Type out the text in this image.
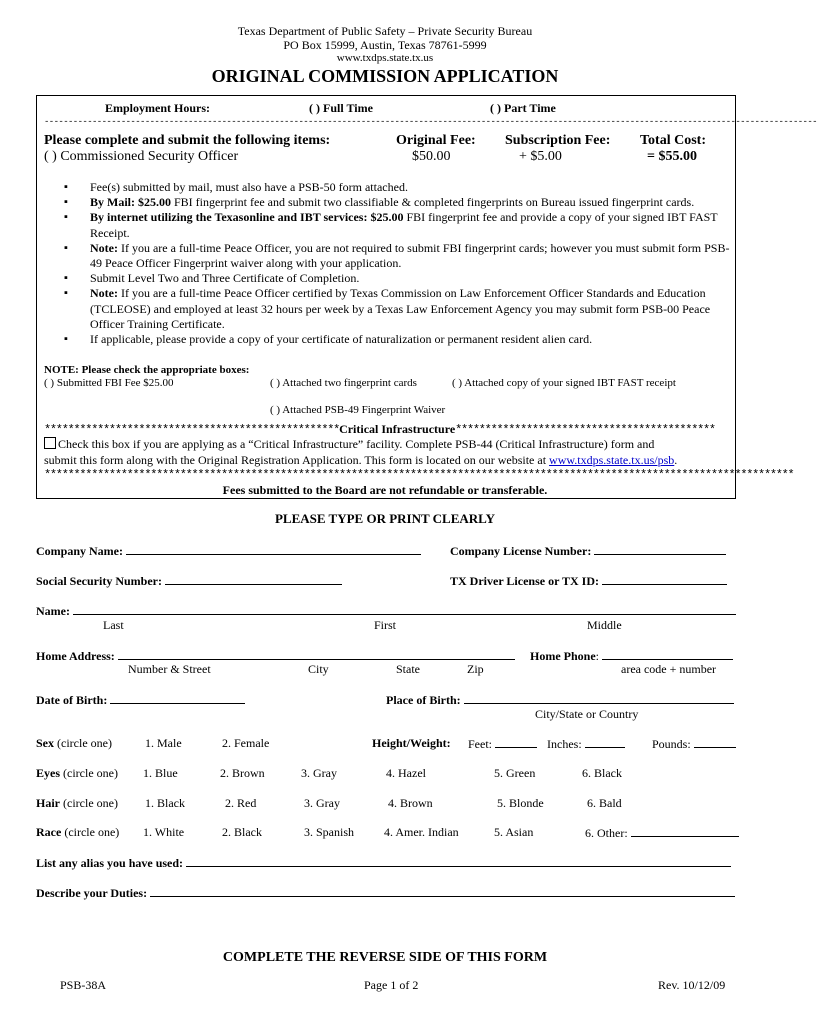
Texas Department of Public Safety – Private Security Bureau
PO Box 15999, Austin, Texas 78761-5999
www.txdps.state.tx.us
ORIGINAL COMMISSION APPLICATION
Employment Hours:	( ) Full Time	( ) Part Time
-----------------------------------------------------------------------------------------------------------------------------------------------------------------
Please complete and submit the following items:
( ) Commissioned Security Officer
Original Fee:
$50.00
Subscription Fee:
+ $5.00
Total Cost:
= $55.00
▪ Fee(s) submitted by mail, must also have a PSB-50 form attached.
▪ By Mail: $25.00 FBI fingerprint fee and submit two classifiable & completed fingerprints on Bureau issued fingerprint cards.
▪ By internet utilizing the Texasonline and IBT services: $25.00 FBI fingerprint fee and provide a copy of your signed IBT FAST Receipt.
▪ Note: If you are a full-time Peace Officer, you are not required to submit FBI fingerprint cards; however you must submit form PSB-49 Peace Officer Fingerprint waiver along with your application.
▪ Submit Level Two and Three Certificate of Completion.
▪ Note: If you are a full-time Peace Officer certified by Texas Commission on Law Enforcement Officer Standards and Education (TCLEOSE) and employed at least 32 hours per week by a Texas Law Enforcement Agency you may submit form PSB-00 Peace Officer Training Certificate.
▪ If applicable, please provide a copy of your certificate of naturalization or permanent resident alien card.
NOTE: Please check the appropriate boxes:
( ) Submitted FBI Fee $25.00	( ) Attached two fingerprint cards	( ) Attached copy of your signed IBT FAST receipt
( ) Attached PSB-49 Fingerprint Waiver
**************************************************Critical Infrastructure********************************************
Check this box if you are applying as a “Critical Infrastructure” facility. Complete PSB-44 (Critical Infrastructure) form and
submit this form along with the Original Registration Application. This form is located on our website at www.txdps.state.tx.us/psb.
*******************************************************************************************************************************
Fees submitted to the Board are not refundable or transferable.
PLEASE TYPE OR PRINT CLEARLY
Company Name:	Company License Number:
Social Security Number:	TX Driver License or TX ID:
Name:
Last	First	Middle
Home Address:	Home Phone:
Number & Street	City	State	Zip	area code + number
Date of Birth:	Place of Birth:
City/State or Country
Sex (circle one)	1. Male	2. Female	Height/Weight: Feet:	Inches:	Pounds:
Eyes (circle one) 1. Blue	2. Brown	3. Gray	4. Hazel	5. Green	6. Black
Hair (circle one) 1. Black	2. Red	3. Gray	4. Brown	5. Blonde	6. Bald
Race (circle one) 1. White	2. Black	3. Spanish 4. Amer. Indian	5. Asian	6. Other:
List any alias you have used:
Describe your Duties:
COMPLETE THE REVERSE SIDE OF THIS FORM
PSB-38A	Page 1 of 2	Rev. 10/12/09
